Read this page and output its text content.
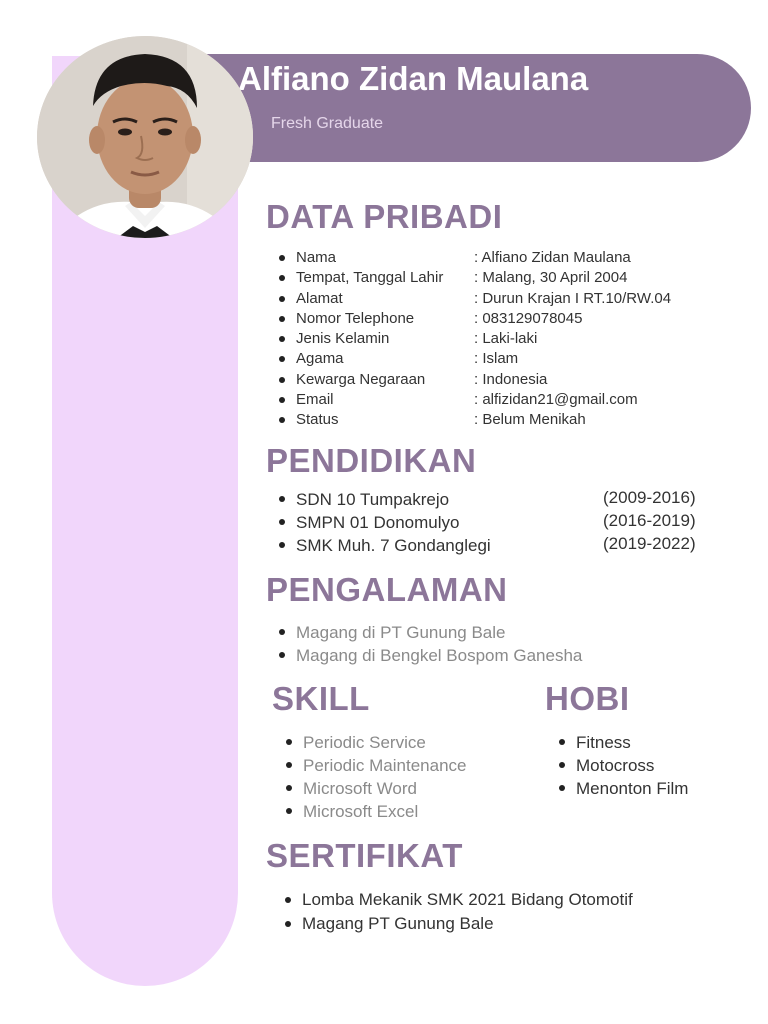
Alfiano Zidan Maulana
Fresh Graduate
DATA PRIBADI
Nama	: Alfiano Zidan Maulana
Tempat, Tanggal Lahir : Malang, 30 April 2004
Alamat	: Durun Krajan I RT.10/RW.04
Nomor Telephone	: 083129078045
Jenis Kelamin	: Laki-laki
Agama	: Islam
Kewarga Negaraan	: Indonesia
Email	: alfizidan21@gmail.com
Status	: Belum Menikah
PENDIDIKAN
SDN 10 Tumpakrejo	(2009-2016)
SMPN 01 Donomulyo	(2016-2019)
SMK Muh. 7 Gondanglegi	(2019-2022)
PENGALAMAN
Magang di PT Gunung Bale
Magang di Bengkel Bospom Ganesha
SKILL
Periodic Service
Periodic Maintenance
Microsoft Word
Microsoft Excel
HOBI
Fitness
Motocross
Menonton Film
SERTIFIKAT
Lomba Mekanik SMK 2021 Bidang Otomotif
Magang PT Gunung Bale
